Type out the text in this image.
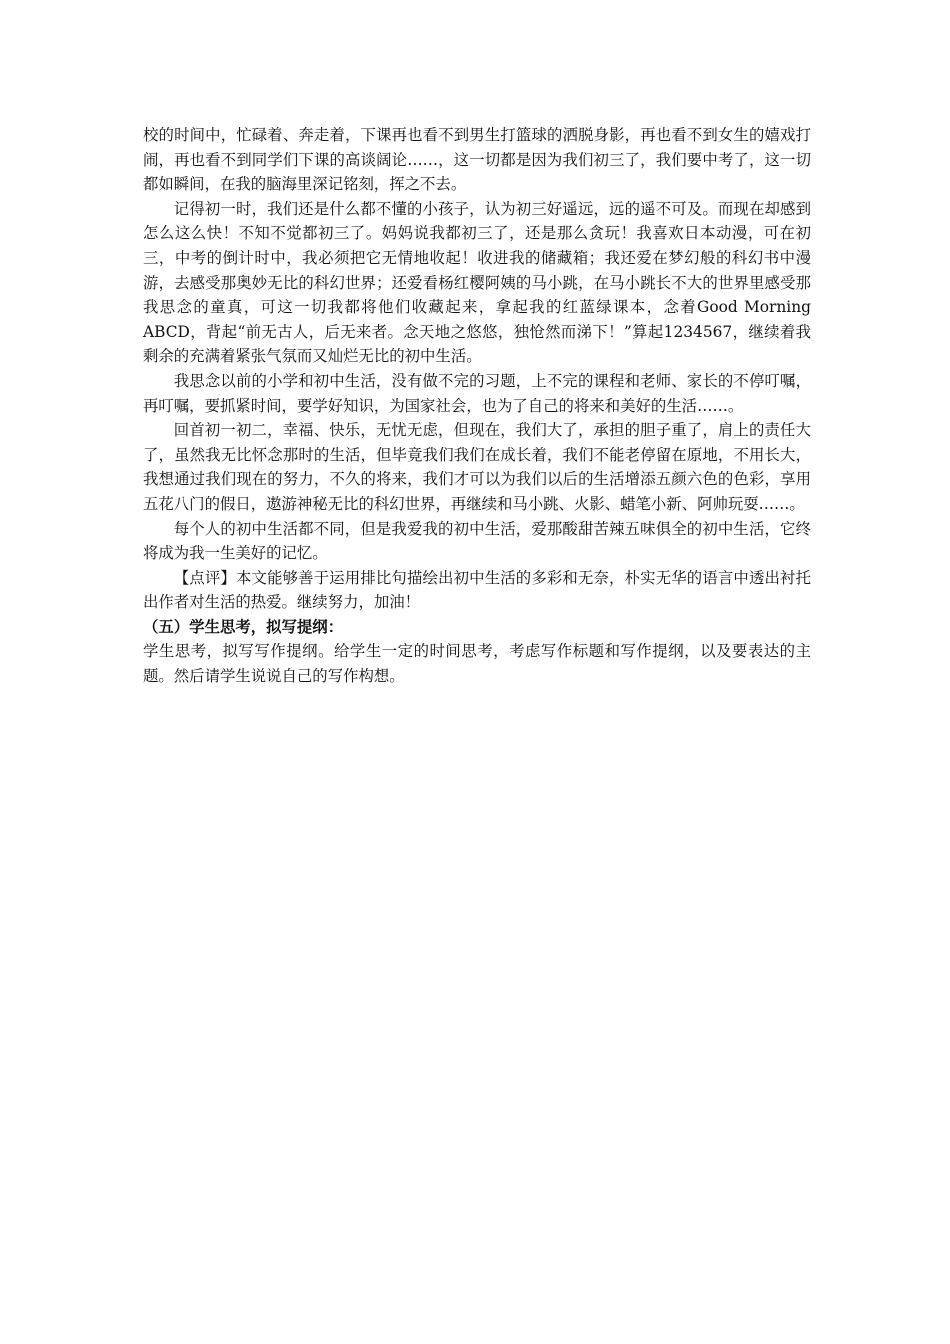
校的时间中，忙碌着、奔走着，下课再也看不到男生打篮球的洒脱身影，再也看不到女生的嬉戏打闹，再也看不到同学们下课的高谈阔论……，这一切都是因为我们初三了，我们要中考了，这一切都如瞬间，在我的脑海里深记铭刻，挥之不去。

记得初一时，我们还是什么都不懂的小孩子，认为初三好遥远，远的遥不可及。而现在却感到怎么这么快！不知不觉都初三了。妈妈说我都初三了，还是那么贪玩！我喜欢日本动漫，可在初三，中考的倒计时中，我必须把它无情地收起！收进我的储藏箱；我还爱在梦幻般的科幻书中漫游，去感受那奥妙无比的科幻世界；还爱看杨红樱阿姨的马小跳，在马小跳长不大的世界里感受那我思念的童真，可这一切我都将他们收藏起来，拿起我的红蓝绿课本，念着Good Morning ABCD，背起“前无古人，后无来者。念天地之悠悠，独怆然而涕下！”算起1234567，继续着我剩余的充满着紧张气氛而又灿烂无比的初中生活。

我思念以前的小学和初中生活，没有做不完的习题，上不完的课程和老师、家长的不停叮嘱，再叮嘱，要抓紧时间，要学好知识，为国家社会，也为了自己的将来和美好的生活……。

回首初一初二，幸福、快乐，无忧无虑，但现在，我们大了，承担的胆子重了，肩上的责任大了，虽然我无比怀念那时的生活，但毕竟我们我们在成长着，我们不能老停留在原地，不用长大，我想通过我们现在的努力，不久的将来，我们才可以为我们以后的生活增添五颜六色的色彩，享用五花八门的假日，遨游神秘无比的科幻世界，再继续和马小跳、火影、蜡笔小新、阿帅玩耍……。

每个人的初中生活都不同，但是我爱我的初中生活，爱那酸甜苦辣五味俱全的初中生活，它终将成为我一生美好的记忆。

【点评】本文能够善于运用排比句描绘出初中生活的多彩和无奈，朴实无华的语言中透出衬托出作者对生活的热爱。继续努力，加油！

（五）学生思考，拟写提纲：

学生思考，拟写写作提纲。给学生一定的时间思考，考虑写作标题和写作提纲，以及要表达的主题。然后请学生说说自己的写作构想。
